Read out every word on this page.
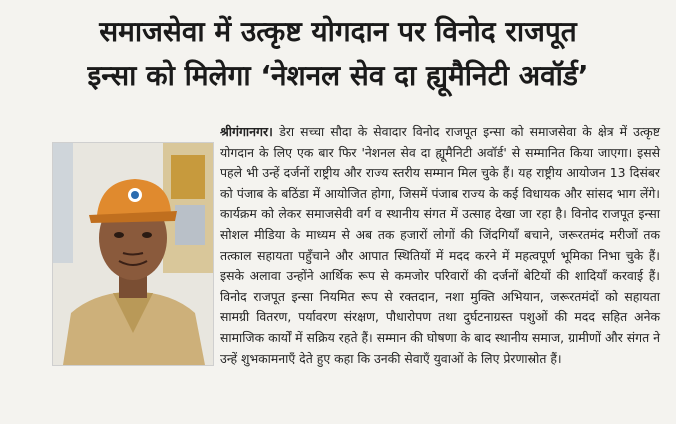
समाजसेवा में उत्कृष्ट योगदान पर विनोद राजपूत
इन्सा को मिलेगा ‘नेशनल सेव दा ह्यूमैनिटी अवॉर्ड’
श्रीगंगानगर। डेरा सच्चा सौदा के सेवादार विनोद राजपूत इन्सा को समाजसेवा के क्षेत्र में उत्कृष्ट योगदान के लिए एक बार फिर 'नेशनल सेव दा ह्यूमैनिटी अवॉर्ड' से सम्मानित किया जाएगा। इससे पहले भी उन्हें दर्जनों राष्ट्रीय और राज्य स्तरीय सम्मान मिल चुके हैं। यह राष्ट्रीय आयोजन 13 दिसंबर को पंजाब के बठिंडा में आयोजित होगा, जिसमें पंजाब राज्य के कई विधायक और सांसद भाग लेंगे। कार्यक्रम को लेकर समाजसेवी वर्ग व स्थानीय संगत में उत्साह देखा जा रहा है। विनोद राजपूत इन्सा सोशल मीडिया के माध्यम से अब तक हजारों लोगों की जिंदगियाँ बचाने, जरूरतमंद मरीजों तक तत्काल सहायता पहुँचाने और आपात स्थितियों में मदद करने में महत्वपूर्ण भूमिका निभा चुके हैं। इसके अलावा उन्होंने आर्थिक रूप से कमजोर परिवारों की दर्जनों बेटियों की शादियाँ करवाई हैं। विनोद राजपूत इन्सा नियमित रूप से रक्तदान, नशा मुक्ति अभियान, जरूरतमंदों को सहायता सामग्री वितरण, पर्यावरण संरक्षण, पौधारोपण तथा दुर्घटनाग्रस्त पशुओं की मदद सहित अनेक सामाजिक कार्यों में सक्रिय रहते हैं। सम्मान की घोषणा के बाद स्थानीय समाज, ग्रामीणों और संगत ने उन्हें शुभकामनाएँ देते हुए कहा कि उनकी सेवाएँ युवाओं के लिए प्रेरणास्रोत हैं।
